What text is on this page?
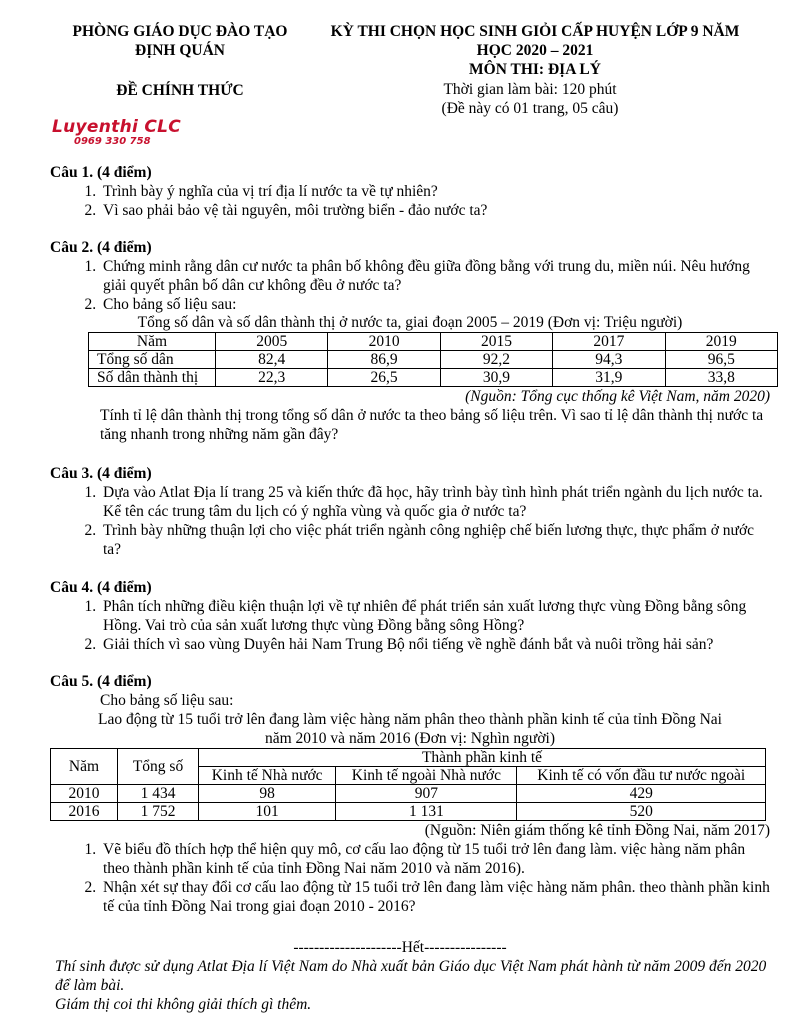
PHÒNG GIÁO DỤC ĐÀO TẠO
ĐỊNH QUÁN
KỲ THI CHỌN HỌC SINH GIỎI CẤP HUYỆN LỚP 9 NĂM
HỌC 2020 – 2021
MÔN THI: ĐỊA LÝ
ĐỀ CHÍNH THỨC	Thời gian làm bài: 120 phút
(Đề này có 01 trang, 05 câu)
Luyenthi CLC
0969 330 758
Câu 1. (4 điểm)
1. Trình bày ý nghĩa của vị trí địa lí nước ta về tự nhiên?
2. Vì sao phải bảo vệ tài nguyên, môi trường biển - đảo nước ta?
Câu 2. (4 điểm)
1. Chứng minh rằng dân cư nước ta phân bố không đều giữa đồng bằng với trung du, miền núi. Nêu hướng giải quyết phân bố dân cư không đều ở nước ta?
2. Cho bảng số liệu sau:
Tổng số dân và số dân thành thị ở nước ta, giai đoạn 2005 – 2019 (Đơn vị: Triệu người)
Năm	2005	2010	2015	2017	2019
Tổng số dân	82,4	86,9	92,2	94,3	96,5
Số dân thành thị	22,3	26,5	30,9	31,9	33,8
(Nguồn: Tổng cục thống kê Việt Nam, năm 2020)
Tính tỉ lệ dân thành thị trong tổng số dân ở nước ta theo bảng số liệu trên. Vì sao tỉ lệ dân thành thị nước ta tăng nhanh trong những năm gần đây?
Câu 3. (4 điểm)
1. Dựa vào Atlat Địa lí trang 25 và kiến thức đã học, hãy trình bày tình hình phát triển ngành du lịch nước ta. Kể tên các trung tâm du lịch có ý nghĩa vùng và quốc gia ở nước ta?
2. Trình bày những thuận lợi cho việc phát triển ngành công nghiệp chế biến lương thực, thực phẩm ở nước ta?
Câu 4. (4 điểm)
1. Phân tích những điều kiện thuận lợi về tự nhiên để phát triển sản xuất lương thực vùng Đồng bằng sông Hồng. Vai trò của sản xuất lương thực vùng Đồng bằng sông Hồng?
2. Giải thích vì sao vùng Duyên hải Nam Trung Bộ nổi tiếng về nghề đánh bắt và nuôi trồng hải sản?
Câu 5. (4 điểm)
Cho bảng số liệu sau:
Lao động từ 15 tuổi trở lên đang làm việc hàng năm phân theo thành phần kinh tế của tỉnh Đồng Nai
năm 2010 và năm 2016 (Đơn vị: Nghìn người)
Năm	Tổng số	Thành phần kinh tế		
		Kinh tế Nhà nước	Kinh tế ngoài Nhà nước	Kinh tế có vốn đầu tư nước ngoài
2010	1 434	98	907	429
2016	1 752	101	1 131	520
(Nguồn: Niên giám thống kê tỉnh Đồng Nai, năm 2017)
1. Vẽ biểu đồ thích hợp thể hiện quy mô, cơ cấu lao động từ 15 tuổi trở lên đang làm. việc hàng năm phân theo thành phần kinh tế của tỉnh Đồng Nai năm 2010 và năm 2016).
2. Nhận xét sự thay đổi cơ cấu lao động từ 15 tuổi trở lên đang làm việc hàng năm phân. theo thành phần kinh tế của tỉnh Đồng Nai trong giai đoạn 2010 - 2016?
---------------------Hết----------------
Thí sinh được sử dụng Atlat Địa lí Việt Nam do Nhà xuất bản Giáo dục Việt Nam phát hành từ năm 2009 đến 2020 để làm bài.
Giám thị coi thi không giải thích gì thêm.
